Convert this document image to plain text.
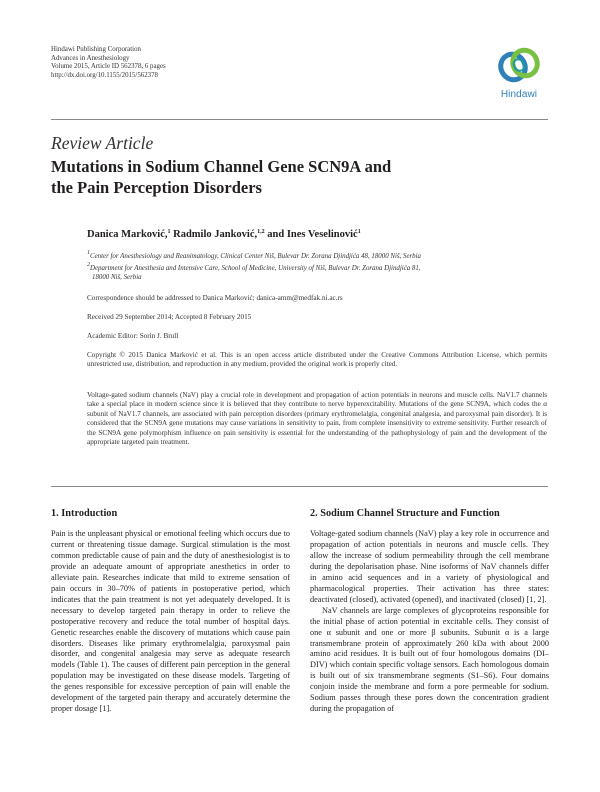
Hindawi Publishing Corporation
Advances in Anesthesiology
Volume 2015, Article ID 562378, 6 pages
http://dx.doi.org/10.1155/2015/562378
Hindawi
Review Article
Mutations in Sodium Channel Gene SCN9A and
the Pain Perception Disorders
Danica Marković,$^1$ Radmilo Janković,$^{1,2}$ and Ines Veselinović$^1$
$^1$Center for Anesthesiology and Reanimatology, Clinical Center Niš, Bulevar Dr. Zorana Djindjića 48, 18000 Niš, Serbia
$^2$Department for Anesthesia and Intensive Care, School of Medicine, University of Niš, Bulevar Dr. Zorana Djindjića 81,
18000 Niš, Serbia
Correspondence should be addressed to Danica Marković; danica-amm@medfak.ni.ac.rs
Received 29 September 2014; Accepted 8 February 2015
Academic Editor: Sorin J. Brull
Copyright © 2015 Danica Marković et al. This is an open access article distributed under the Creative Commons Attribution License, which permits unrestricted use, distribution, and reproduction in any medium, provided the original work is properly cited.
Voltage-gated sodium channels (NaV) play a crucial role in development and propagation of action potentials in neurons and muscle cells. NaV1.7 channels take a special place in modern science since it is believed that they contribute to nerve hyperexcitability. Mutations of the gene SCN9A, which codes the α subunit of NaV1.7 channels, are associated with pain perception disorders (primary erythromelalgia, congenital analgesia, and paroxysmal pain disorder). It is considered that the SCN9A gene mutations may cause variations in sensitivity to pain, from complete insensitivity to extreme sensitivity. Further research of the SCN9A gene polymorphism influence on pain sensitivity is essential for the understanding of the pathophysiology of pain and the development of the appropriate targeted pain treatment.
1. Introduction	2. Sodium Channel Structure and Function

Pain is the unpleasant physical or emotional feeling which occurs due to current or threatening tissue damage. Surgical stimulation is the most common predictable cause of pain and the duty of anesthesiologist is to provide an adequate amount of appropriate anesthetics in order to alleviate pain. Researches indicate that mild to extreme sensation of pain occurs in 30–70% of patients in postoperative period, which indicates that the pain treatment is not yet adequately developed. It is necessary to develop targeted pain therapy in order to relieve the postoperative recovery and reduce the total number of hospital days. Genetic researches enable the discovery of mutations which cause pain disorders. Diseases like primary erythromelalgia, paroxysmal pain disorder, and congenital analgesia may serve as adequate research models (Table 1). The causes of different pain perception in the general population may be investigated on these disease models. Targeting of the genes responsible for excessive perception of pain will enable the development of the targeted pain therapy and accurately determine the proper dosage [1].

Voltage-gated sodium channels (NaV) play a key role in occurrence and propagation of action potentials in neurons and muscle cells. They allow the increase of sodium permeability through the cell membrane during the depolarisation phase. Nine isoforms of NaV channels differ in amino acid sequences and in a variety of physiological and pharmacological properties. Their activation has three states: deactivated (closed), activated (opened), and inactivated (closed) [1, 2].

NaV channels are large complexes of glycoproteins responsible for the initial phase of action potential in excitable cells. They consist of one α subunit and one or more β subunits. Subunit α is a large transmembrane protein of approximately 260 kDa with about 2000 amino acid residues. It is built out of four homologous domains (DI–DIV) which contain specific voltage sensors. Each homologous domain is built out of six transmembrane segments (S1–S6). Four domains conjoin inside the membrane and form a pore permeable for sodium. Sodium passes through these pores down the concentration gradient during the propagation of
